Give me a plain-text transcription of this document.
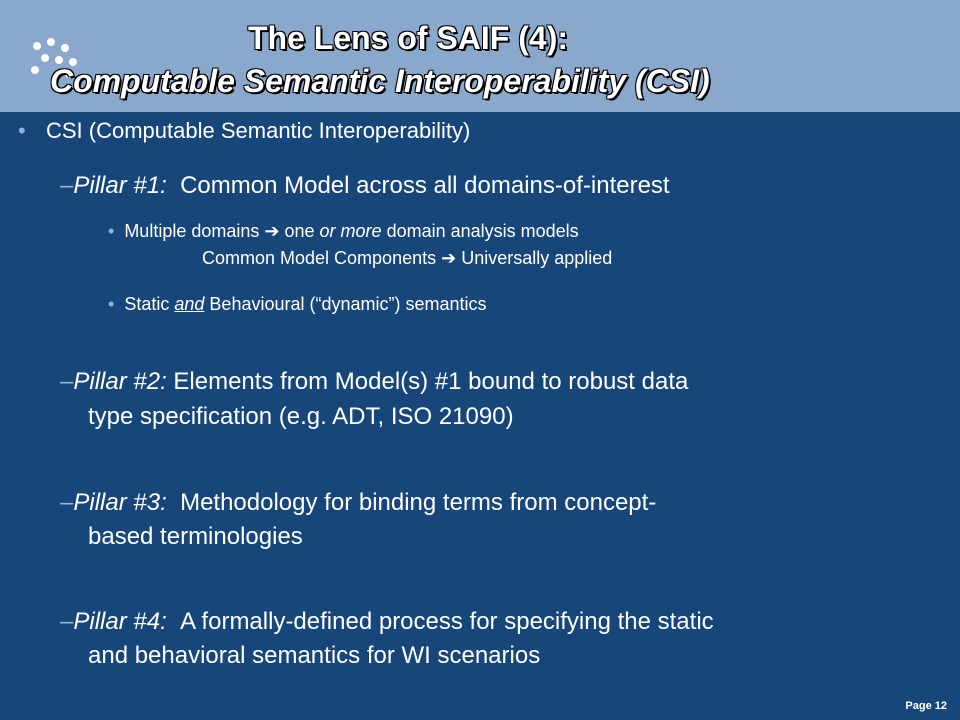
The Lens of SAIF (4):
Computable Semantic Interoperability (CSI)
• CSI (Computable Semantic Interoperability)
–Pillar #1: Common Model across all domains-of-interest
• Multiple domains ➔ one or more domain analysis models
Common Model Components ➔ Universally applied
• Static and Behavioural (“dynamic”) semantics
–Pillar #2: Elements from Model(s) #1 bound to robust data
type specification (e.g. ADT, ISO 21090)
–Pillar #3: Methodology for binding terms from concept-
based terminologies
–Pillar #4: A formally-defined process for specifying the static
and behavioral semantics for WI scenarios
Page 12
